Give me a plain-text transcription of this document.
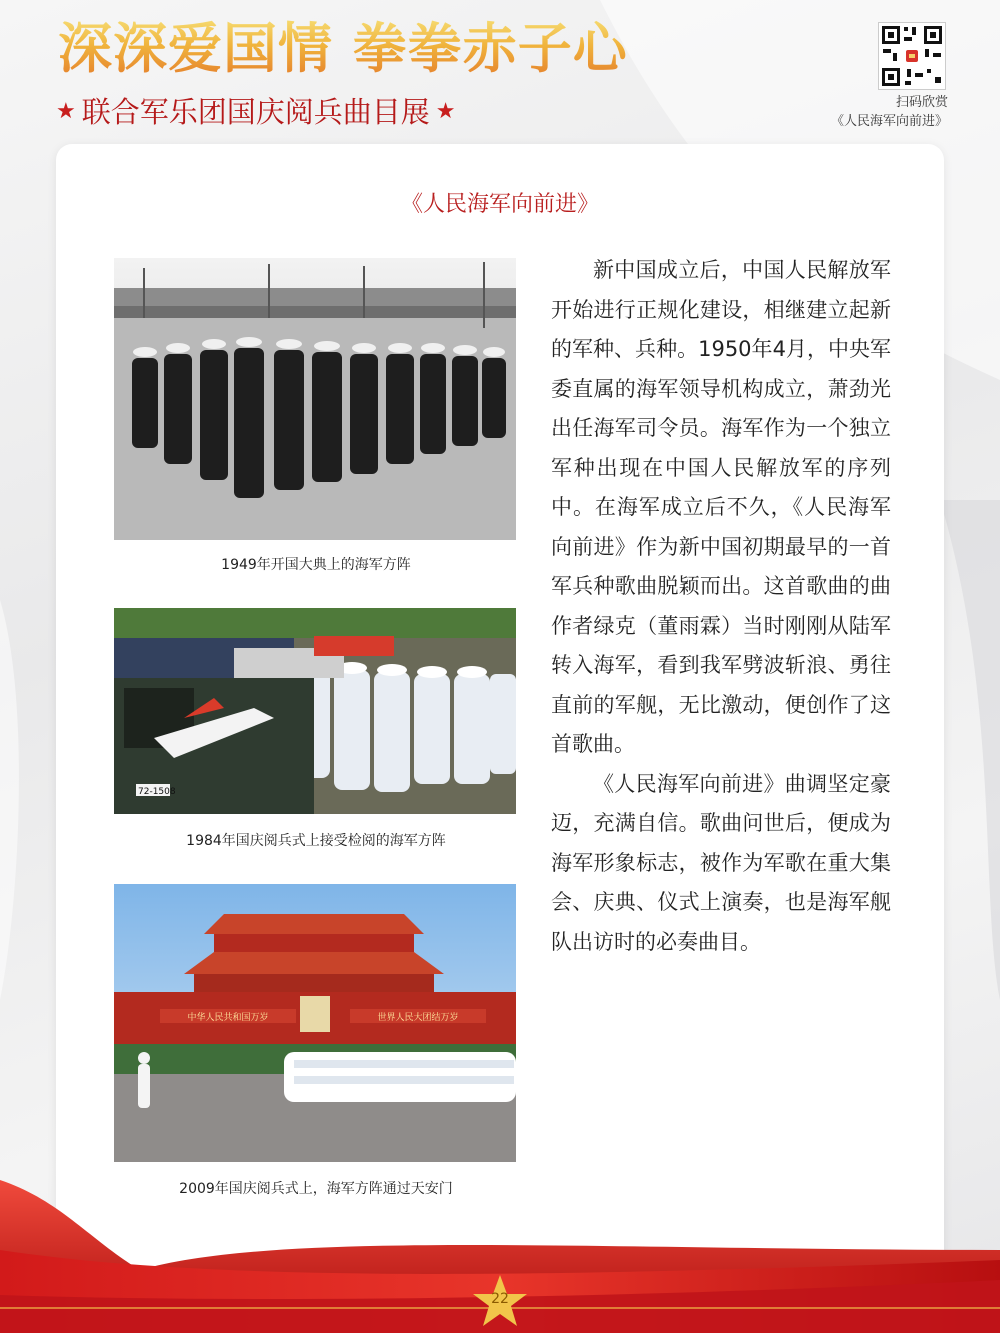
深深爱国情 拳拳赤子心
★ 联合军乐团国庆阅兵曲目展 ★	扫码欣赏
《人民海军向前进》
《人民海军向前进》
1949年开国大典上的海军方阵
72-1508
1984年国庆阅兵式上接受检阅的海军方阵
中华人民共和国万岁	世界人民大团结万岁
2009年国庆阅兵式上，海军方阵通过天安门

新中国成立后，中国人民解放军开始进行正规化建设，相继建立起新的军种、兵种。1950年4月，中央军委直属的海军领导机构成立，萧劲光出任海军司令员。海军作为一个独立军种出现在中国人民解放军的序列中。在海军成立后不久，《人民海军向前进》作为新中国初期最早的一首军兵种歌曲脱颖而出。这首歌曲的曲作者绿克（董雨霖）当时刚刚从陆军转入海军，看到我军劈波斩浪、勇往直前的军舰，无比激动，便创作了这首歌曲。

《人民海军向前进》曲调坚定豪迈，充满自信。歌曲问世后，便成为海军形象标志，被作为军歌在重大集会、庆典、仪式上演奏，也是海军舰队出访时的必奏曲目。

22
